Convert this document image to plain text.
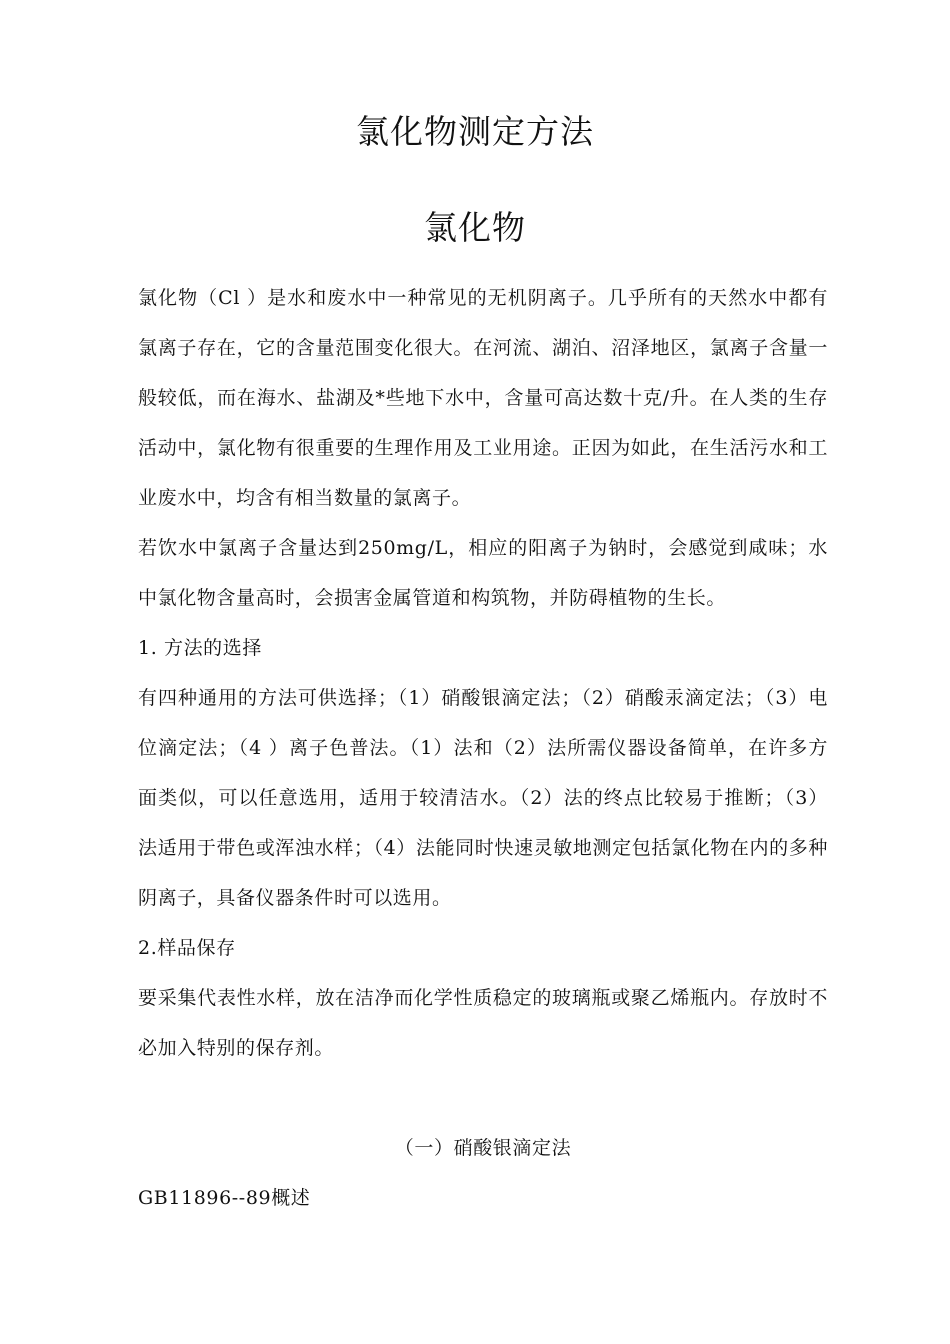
氯化物测定方法
氯化物

氯化物（Cl ）是水和废水中一种常见的无机阴离子。几乎所有的天然水中都有氯离子存在，它的含量范围变化很大。在河流、湖泊、沼泽地区，氯离子含量一般较低，而在海水、盐湖及*些地下水中，含量可高达数十克/升。在人类的生存活动中，氯化物有很重要的生理作用及工业用途。正因为如此，在生活污水和工业废水中，均含有相当数量的氯离子。

若饮水中氯离子含量达到250mg/L，相应的阳离子为钠时，会感觉到咸味；水中氯化物含量高时，会损害金属管道和构筑物，并防碍植物的生长。

1. 方法的选择

有四种通用的方法可供选择；（1）硝酸银滴定法；（2）硝酸汞滴定法；（3）电位滴定法；（4 ）离子色普法。（1）法和（2）法所需仪器设备简单，在许多方面类似，可以任意选用，适用于较清洁水。（2）法的终点比较易于推断；（3）法适用于带色或浑浊水样；（4）法能同时快速灵敏地测定包括氯化物在内的多种阴离子，具备仪器条件时可以选用。

2.样品保存

要采集代表性水样，放在洁净而化学性质稳定的玻璃瓶或聚乙烯瓶内。存放时不必加入特别的保存剂。

（一）硝酸银滴定法

GB11896--89概述
